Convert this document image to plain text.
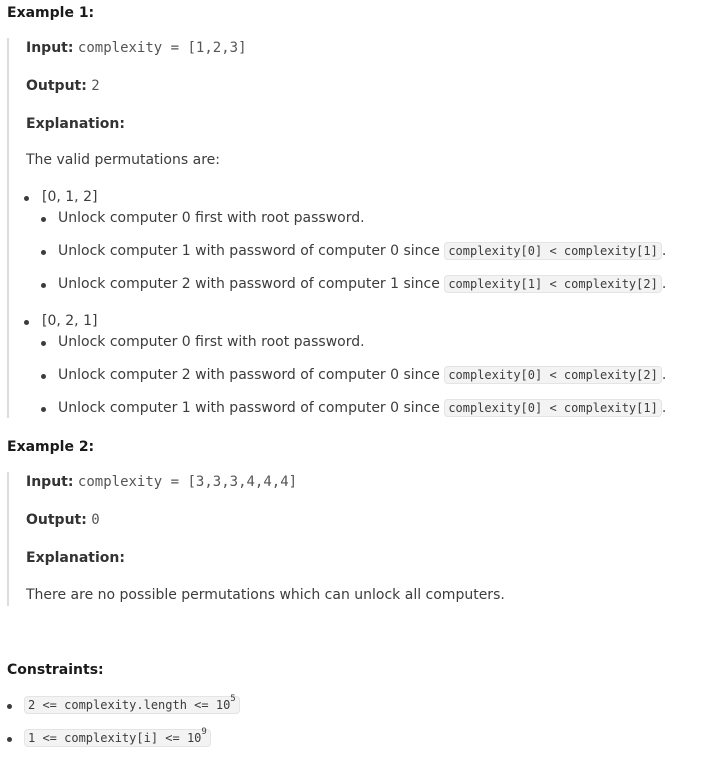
Example 1:
Input: complexity = [1,2,3]
Output: 2
Explanation:
The valid permutations are:
[0, 1, 2]
Unlock computer 0 first with root password.
Unlock computer 1 with password of computer 0 since complexity[0] < complexity[1] .
Unlock computer 2 with password of computer 1 since complexity[1] < complexity[2] .
[0, 2, 1]
Unlock computer 0 first with root password.
Unlock computer 2 with password of computer 0 since complexity[0] < complexity[2] .
Unlock computer 1 with password of computer 0 since complexity[0] < complexity[1] .
Example 2:
Input: complexity = [3,3,3,4,4,4]
Output: 0
Explanation:
There are no possible permutations which can unlock all computers.
Constraints:
2 <= complexity.length <= $10^5$
1 <= complexity[i] <= $10^9$
